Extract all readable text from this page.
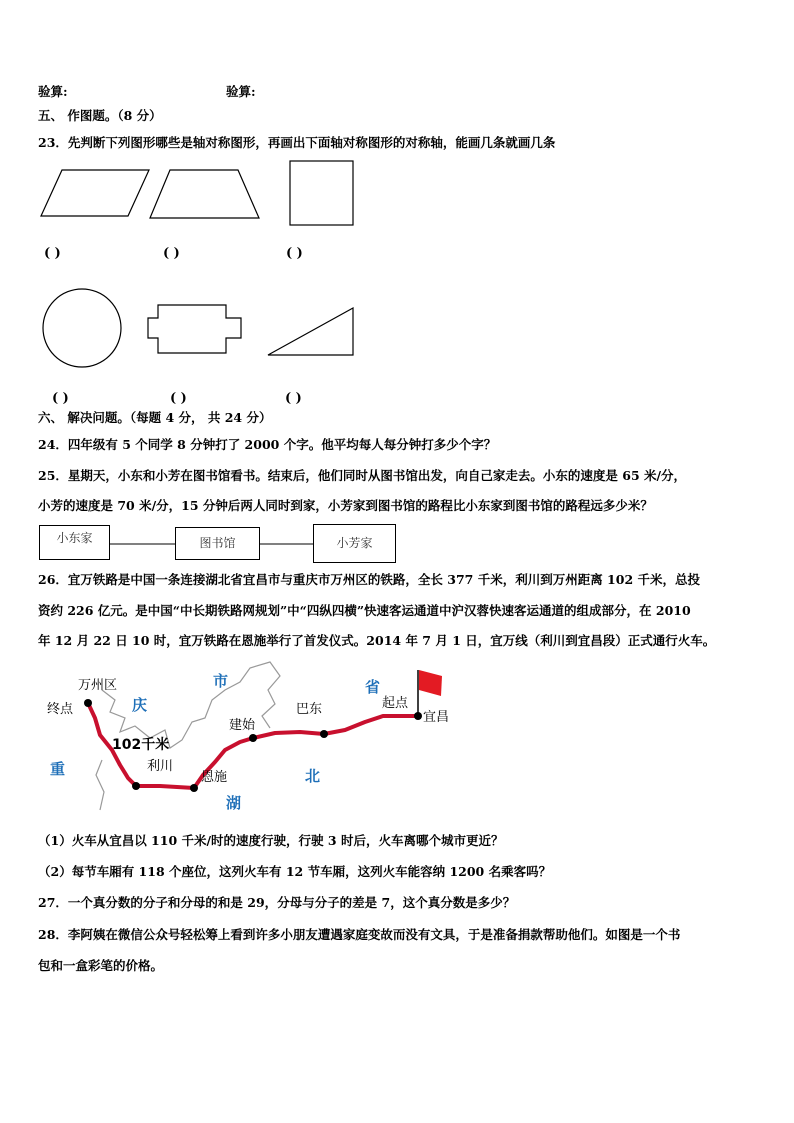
验算:	验算:
五、 作图题。（8 分）
23．先判断下列图形哪些是轴对称图形，再画出下面轴对称图形的对称轴，能画几条就画几条
( )	( )	( )
( )	( )	( )
六、 解决问题。（每题 4 分， 共 24 分）
24．四年级有 5 个同学 8 分钟打了 2000 个字。他平均每人每分钟打多少个字？
25．星期天，小东和小芳在图书馆看书。结束后，他们同时从图书馆出发，向自己家走去。小东的速度是 65 米/分，
小芳的速度是 70 米/分，15 分钟后两人同时到家，小芳家到图书馆的路程比小东家到图书馆的路程远多少米？
小东家	图书馆	小芳家
26．宜万铁路是中国一条连接湖北省宜昌市与重庆市万州区的铁路，全长 377 千米，利川到万州距离 102 千米，总投
资约 226 亿元。是中国“中长期铁路网规划”中“四纵四横”快速客运通道中沪汉蓉快速客运通道的组成部分，在 2010
年 12 月 22 日 10 时，宜万铁路在恩施举行了首发仪式。2014 年 7 月 1 日，宜万线（利川到宜昌段）正式通行火车。
万州区
终点	庆
市	省
102千米
利川
建始
巴东	起点
宜昌
恩施	北
湖
重
（1）火车从宜昌以 110 千米/时的速度行驶，行驶 3 时后，火车离哪个城市更近？
（2）每节车厢有 118 个座位，这列火车有 12 节车厢，这列火车能容纳 1200 名乘客吗？
27．一个真分数的分子和分母的和是 29，分母与分子的差是 7，这个真分数是多少？
28．李阿姨在微信公众号轻松筹上看到许多小朋友遭遇家庭变故而没有文具，于是准备捐款帮助他们。如图是一个书
包和一盒彩笔的价格。
